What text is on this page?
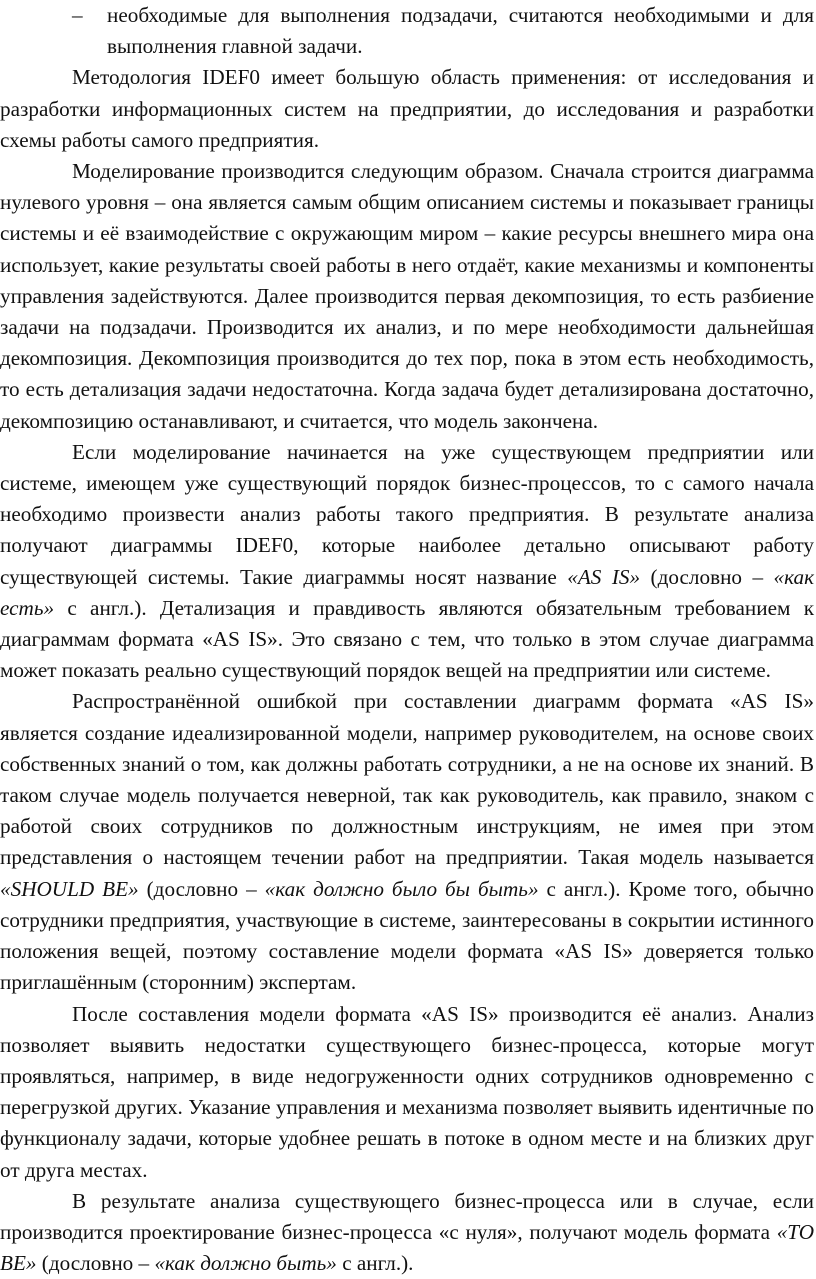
– необходимые для выполнения подзадачи, считаются необходимыми и для выполнения главной задачи.

Методология IDEF0 имеет большую область применения: от исследования и разработки информационных систем на предприятии, до исследования и разработки схемы работы самого предприятия.

Моделирование производится следующим образом. Сначала строится диаграмма нулевого уровня – она является самым общим описанием системы и показывает границы системы и её взаимодействие с окружающим миром – какие ресурсы внешнего мира она использует, какие результаты своей работы в него отдаёт, какие механизмы и компоненты управления задействуются. Далее производится первая декомпозиция, то есть разбиение задачи на подзадачи. Производится их анализ, и по мере необходимости дальнейшая декомпозиция. Декомпозиция производится до тех пор, пока в этом есть необходимость, то есть детализация задачи недостаточна. Когда задача будет детализирована достаточно, декомпозицию останавливают, и считается, что модель закончена.

Если моделирование начинается на уже существующем предприятии или системе, имеющем уже существующий порядок бизнес-процессов, то с самого начала необходимо произвести анализ работы такого предприятия. В результате анализа получают диаграммы IDEF0, которые наиболее детально описывают работу существующей системы. Такие диаграммы носят название «AS IS» (дословно – «как есть» с англ.). Детализация и правдивость являются обязательным требованием к диаграммам формата «AS IS». Это связано с тем, что только в этом случае диаграмма может показать реально существующий порядок вещей на предприятии или системе.

Распространённой ошибкой при составлении диаграмм формата «AS IS» является создание идеализированной модели, например руководителем, на основе своих собственных знаний о том, как должны работать сотрудники, а не на основе их знаний. В таком случае модель получается неверной, так как руководитель, как правило, знаком с работой своих сотрудников по должностным инструкциям, не имея при этом представления о настоящем течении работ на предприятии. Такая модель называется «SHOULD BE» (дословно – «как должно было бы быть» с англ.). Кроме того, обычно сотрудники предприятия, участвующие в системе, заинтересованы в сокрытии истинного положения вещей, поэтому составление модели формата «AS IS» доверяется только приглашённым (сторонним) экспертам.

После составления модели формата «AS IS» производится её анализ. Анализ позволяет выявить недостатки существующего бизнес-процесса, которые могут проявляться, например, в виде недогруженности одних сотрудников одновременно с перегрузкой других. Указание управления и механизма позволяет выявить идентичные по функционалу задачи, которые удобнее решать в потоке в одном месте и на близких друг от друга местах.

В результате анализа существующего бизнес-процесса или в случае, если производится проектирование бизнес-процесса «с нуля», получают модель формата «TO BE» (дословно – «как должно быть» с англ.).
